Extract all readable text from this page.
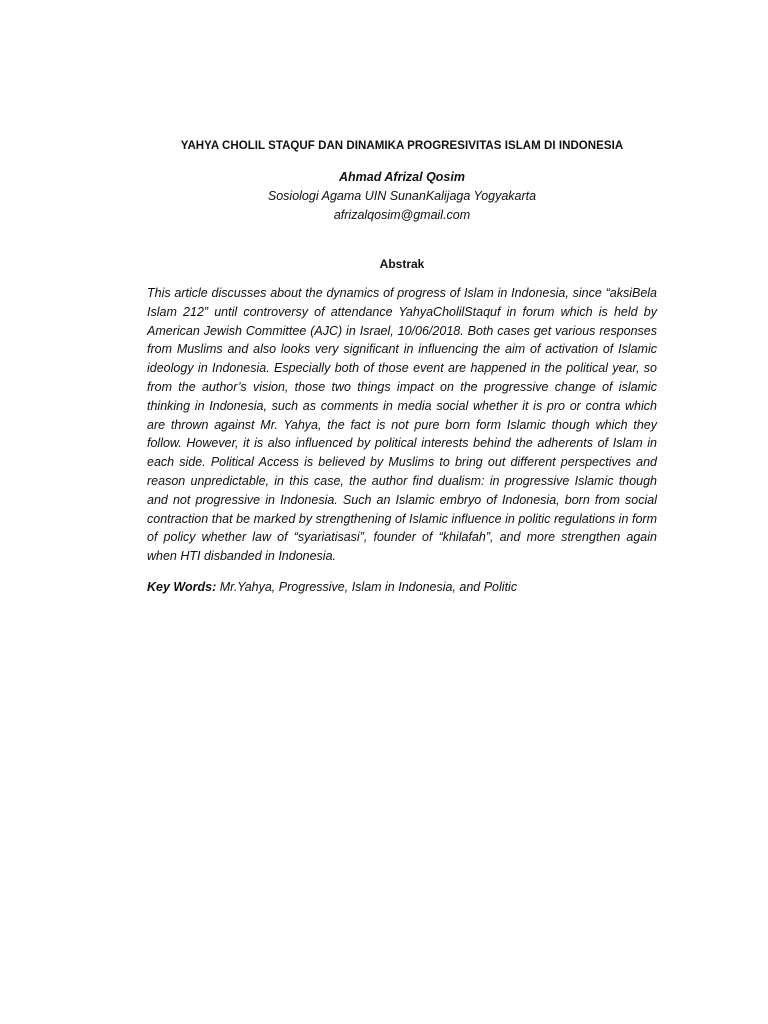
YAHYA CHOLIL STAQUF DAN DINAMIKA PROGRESIVITAS ISLAM DI INDONESIA

Ahmad Afrizal Qosim

Sosiologi Agama UIN SunanKalijaga Yogyakarta

afrizalqosim@gmail.com

Abstrak

This article discusses about the dynamics of progress of Islam in Indonesia, since “aksiBela Islam 212” until controversy of attendance YahyaCholilStaquf in forum which is held by American Jewish Committee (AJC) in Israel, 10/06/2018. Both cases get various responses from Muslims and also looks very significant in influencing the aim of activation of Islamic ideology in Indonesia. Especially both of those event are happened in the political year, so from the author’s vision, those two things impact on the progressive change of islamic thinking in Indonesia, such as comments in media social whether it is pro or contra which are thrown against Mr. Yahya, the fact is not pure born form Islamic though which they follow. However, it is also influenced by political interests behind the adherents of Islam in each side. Political Access is believed by Muslims to bring out different perspectives and reason unpredictable, in this case, the author find dualism: in progressive Islamic though and not progressive in Indonesia. Such an Islamic embryo of Indonesia, born from social contraction that be marked by strengthening of Islamic influence in politic regulations in form of policy whether law of “syariatisasi”, founder of “khilafah”, and more strengthen again when HTI disbanded in Indonesia.

Key Words: Mr.Yahya, Progressive, Islam in Indonesia, and Politic
